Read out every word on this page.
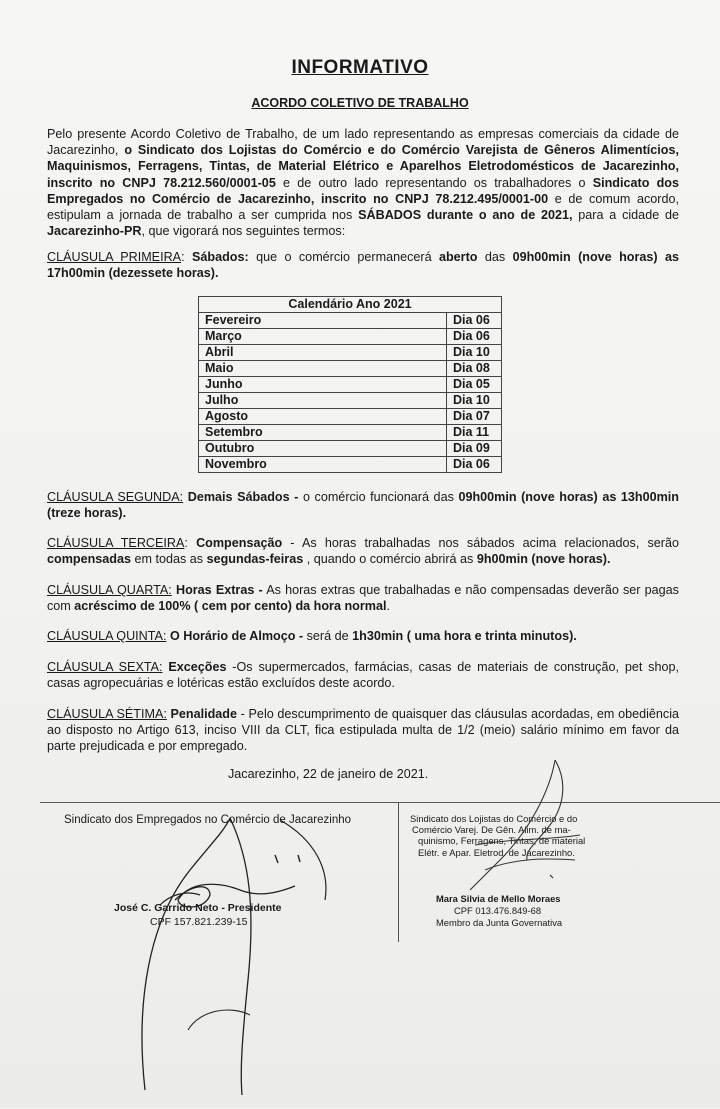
INFORMATIVO
ACORDO COLETIVO DE TRABALHO
Pelo presente Acordo Coletivo de Trabalho, de um lado representando as empresas comerciais da cidade de Jacarezinho, o Sindicato dos Lojistas do Comércio e do Comércio Varejista de Gêneros Alimentícios, Maquinismos, Ferragens, Tintas, de Material Elétrico e Aparelhos Eletrodomésticos de Jacarezinho, inscrito no CNPJ 78.212.560/0001-05 e de outro lado representando os trabalhadores o Sindicato dos Empregados no Comércio de Jacarezinho, inscrito no CNPJ 78.212.495/0001-00 e de comum acordo, estipulam a jornada de trabalho a ser cumprida nos SÁBADOS durante o ano de 2021, para a cidade de Jacarezinho-PR, que vigorará nos seguintes termos:
CLÁUSULA PRIMEIRA: Sábados: que o comércio permanecerá aberto das 09h00min (nove horas) as 17h00min (dezessete horas).
Calendário Ano 2021	
Fevereiro	Dia 06
Março	Dia 06
Abril	Dia 10
Maio	Dia 08
Junho	Dia 05
Julho	Dia 10
Agosto	Dia 07
Setembro	Dia 11
Outubro	Dia 09
Novembro	Dia 06
CLÁUSULA SEGUNDA: Demais Sábados - o comércio funcionará das 09h00min (nove horas) as 13h00min (treze horas).
CLÁUSULA TERCEIRA: Compensação - As horas trabalhadas nos sábados acima relacionados, serão compensadas em todas as segundas-feiras , quando o comércio abrirá as 9h00min (nove horas).
CLÁUSULA QUARTA: Horas Extras - As horas extras que trabalhadas e não compensadas deverão ser pagas com acréscimo de 100% ( cem por cento) da hora normal.
CLÁUSULA QUINTA: O Horário de Almoço - será de 1h30min ( uma hora e trinta minutos).
CLÁUSULA SEXTA: Exceções -Os supermercados, farmácias, casas de materiais de construção, pet shop, casas agropecuárias e lotéricas estão excluídos deste acordo.
CLÁUSULA SÉTIMA: Penalidade - Pelo descumprimento de quaisquer das cláusulas acordadas, em obediência ao disposto no Artigo 613, inciso VIII da CLT, fica estipulada multa de 1/2 (meio) salário mínimo em favor da parte prejudicada e por empregado.
Jacarezinho, 22 de janeiro de 2021.
Sindicato dos Empregados no Comércio de Jacarezinho
José C. Garrido Neto - Presidente
CPF 157.821.239-15
Sindicato dos Lojistas do Comércio e do
Comércio Varej. De Gên. Alim. de ma-
quinismo, Ferragens, Tintas, de material
Elétr. e Apar. Eletrod. de Jacarezinho.
Mara Silvia de Mello Moraes
CPF 013.476.849-68
Membro da Junta Governativa
